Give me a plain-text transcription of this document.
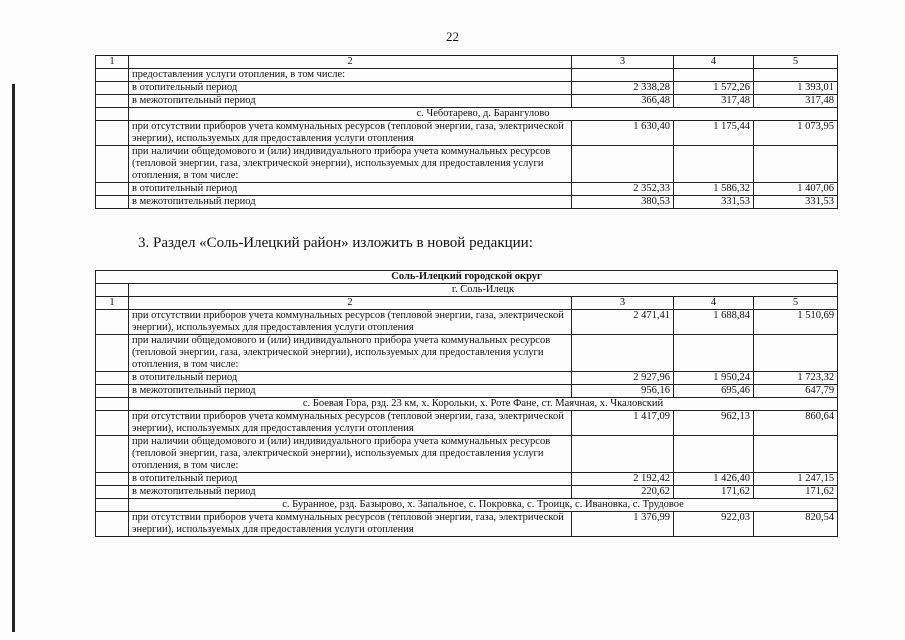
22
1	2	3	4	5
	предоставления услуги отопления, в том числе:			
	в отопительный период	2 338,28	1 572,26	1 393,01
	в межотопительный период	366,48	317,48	317,48
	с. Чеботарево, д. Барангулово			
	при отсутствии приборов учета коммунальных ресурсов (тепловой энергии, газа, электрической энергии), используемых для предоставления услуги отопления	1 630,40	1 175,44	1 073,95
	при наличии общедомового и (или) индивидуального прибора учета коммунальных ресурсов (тепловой энергии, газа, электрической энергии), используемых для предоставления услуги отопления, в том числе:			
	в отопительный период	2 352,33	1 586,32	1 407,06
	в межотопительный период	380,53	331,53	331,53
3. Раздел «Соль-Илецкий район» изложить в новой редакции:
Соль-Илецкий городской округ				
	г. Соль-Илецк			
1	2	3	4	5
	при отсутствии приборов учета коммунальных ресурсов (тепловой энергии, газа, электрической энергии), используемых для предоставления услуги отопления	2 471,41	1 688,84	1 510,69
	при наличии общедомового и (или) индивидуального прибора учета коммунальных ресурсов (тепловой энергии, газа, электрической энергии), используемых для предоставления услуги отопления, в том числе:			
	в отопительный период	2 927,96	1 950,24	1 723,32
	в межотопительный период	956,16	695,46	647,79
	с. Боевая Гора, рзд. 23 км, х. Корольки, х. Роте Фане, ст. Маячная, х. Чкаловский			
	при отсутствии приборов учета коммунальных ресурсов (тепловой энергии, газа, электрической энергии), используемых для предоставления услуги отопления	1 417,09	962,13	860,64
	при наличии общедомового и (или) индивидуального прибора учета коммунальных ресурсов (тепловой энергии, газа, электрической энергии), используемых для предоставления услуги отопления, в том числе:			
	в отопительный период	2 192,42	1 426,40	1 247,15
	в межотопительный период	220,62	171,62	171,62
	с. Буранное, рзд. Базырово, х. Запальное, с. Покровка, с. Троицк, с. Ивановка, с. Трудовое			
	при отсутствии приборов учета коммунальных ресурсов (тепловой энергии, газа, электрической энергии), используемых для предоставления услуги отопления	1 376,99	922,03	820,54
